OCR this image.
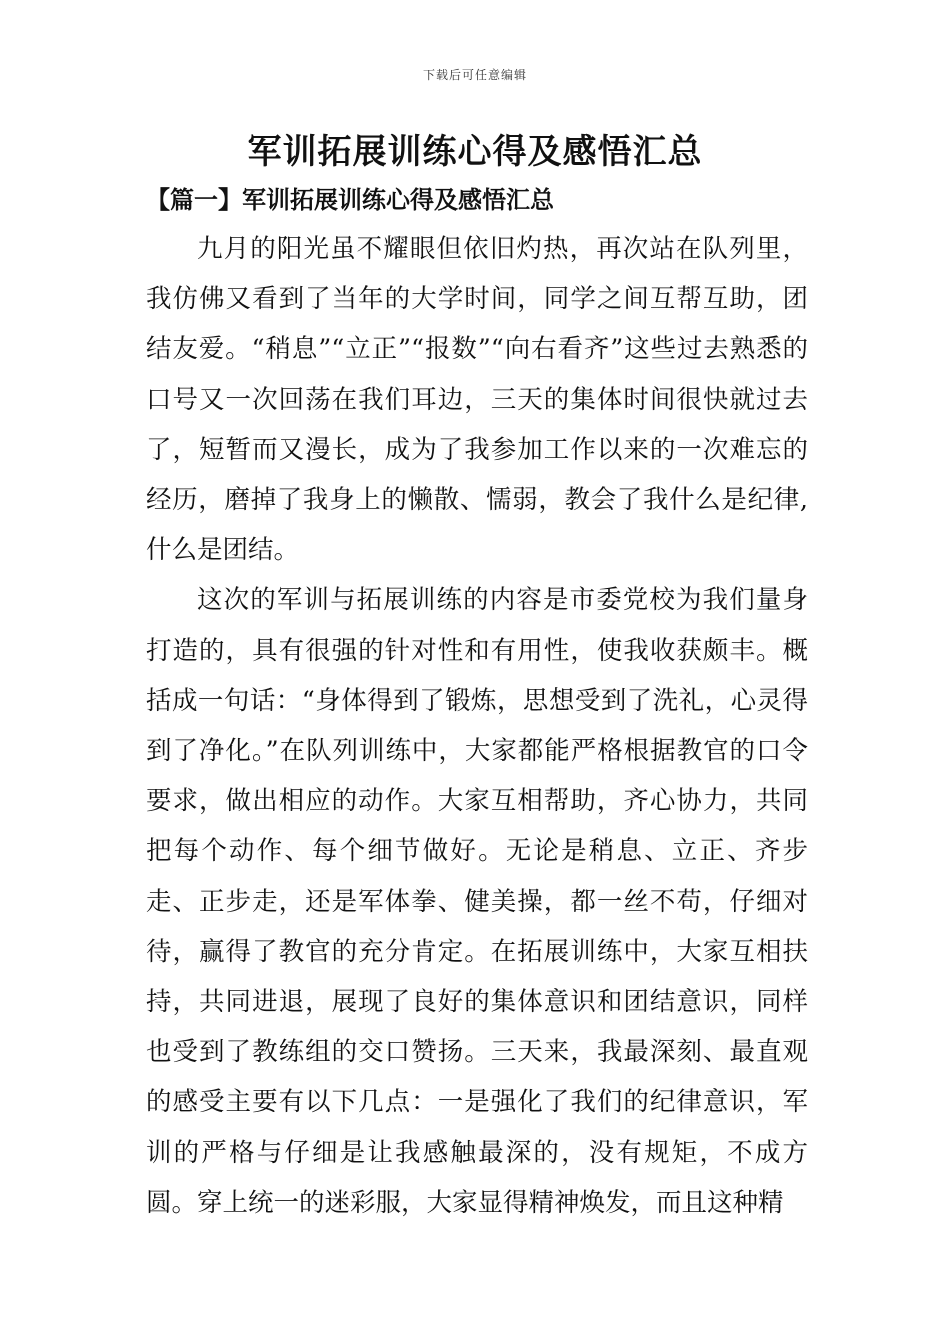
下载后可任意编辑
军训拓展训练心得及感悟汇总
【篇一】军训拓展训练心得及感悟汇总

九月的阳光虽不耀眼但依旧灼热，再次站在队列里，我仿佛又看到了当年的大学时间，同学之间互帮互助，团结友爱。“稍息”“立正”“报数”“向右看齐”这些过去熟悉的口号又一次回荡在我们耳边，三天的集体时间很快就过去了，短暂而又漫长，成为了我参加工作以来的一次难忘的经历，磨掉了我身上的懒散、懦弱，教会了我什么是纪律,什么是团结。

这次的军训与拓展训练的内容是市委党校为我们量身打造的，具有很强的针对性和有用性，使我收获颇丰。概括成一句话：“身体得到了锻炼，思想受到了洗礼，心灵得到了净化。”在队列训练中，大家都能严格根据教官的口令要求，做出相应的动作。大家互相帮助，齐心协力，共同把每个动作、每个细节做好。无论是稍息、立正、齐步走、正步走，还是军体拳、健美操，都一丝不苟，仔细对待，赢得了教官的充分肯定。在拓展训练中，大家互相扶持，共同进退，展现了良好的集体意识和团结意识，同样也受到了教练组的交口赞扬。三天来，我最深刻、最直观的感受主要有以下几点：一是强化了我们的纪律意识，军训的严格与仔细是让我感触最深的，没有规矩，不成方圆。穿上统一的迷彩服，大家显得精神焕发，而且这种精
